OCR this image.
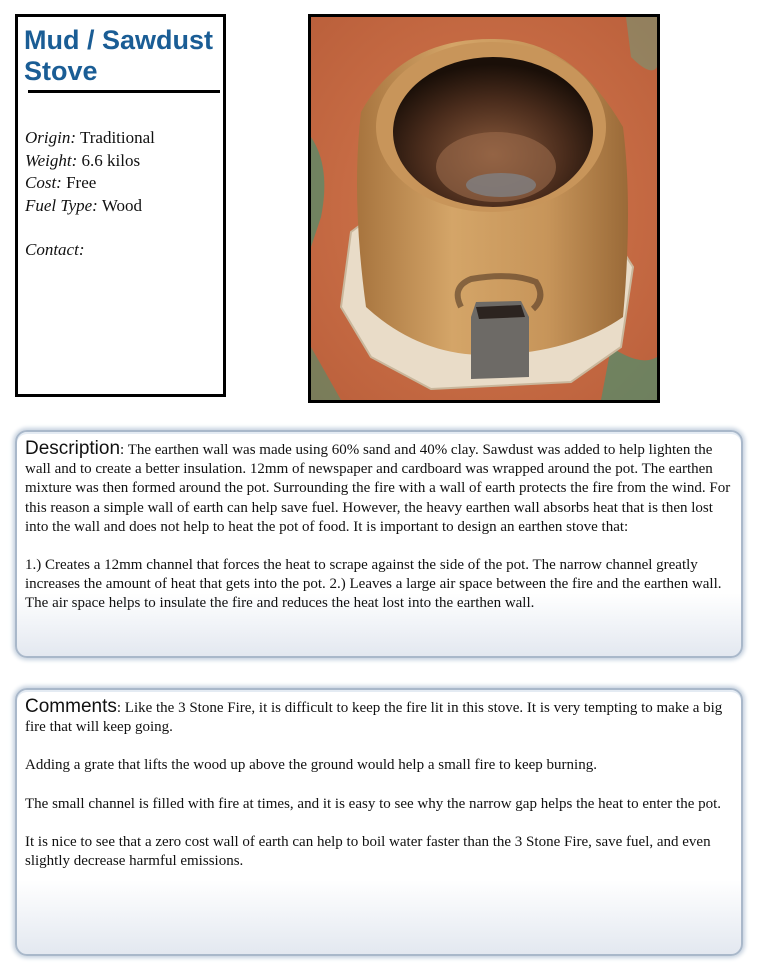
Mud / Sawdust Stove
Origin: Traditional
Weight: 6.6 kilos
Cost: Free
Fuel Type: Wood
Contact:

Description: The earthen wall was made using 60% sand and 40% clay. Sawdust was added to help lighten the wall and to create a better insulation. 12mm of newspaper and cardboard was wrapped around the pot. The earthen mixture was then formed around the pot. Surrounding the fire with a wall of earth protects the fire from the wind. For this reason a simple wall of earth can help save fuel. However, the heavy earthen wall absorbs heat that is then lost into the wall and does not help to heat the pot of food. It is important to design an earthen stove that:

1.) Creates a 12mm channel that forces the heat to scrape against the side of the pot. The narrow channel greatly increases the amount of heat that gets into the pot. 2.) Leaves a large air space between the fire and the earthen wall. The air space helps to insulate the fire and reduces the heat lost into the earthen wall.

Comments: Like the 3 Stone Fire, it is difficult to keep the fire lit in this stove. It is very tempting to make a big fire that will keep going.

Adding a grate that lifts the wood up above the ground would help a small fire to keep burning.

The small channel is filled with fire at times, and it is easy to see why the narrow gap helps the heat to enter the pot.

It is nice to see that a zero cost wall of earth can help to boil water faster than the 3 Stone Fire, save fuel, and even slightly decrease harmful emissions.
